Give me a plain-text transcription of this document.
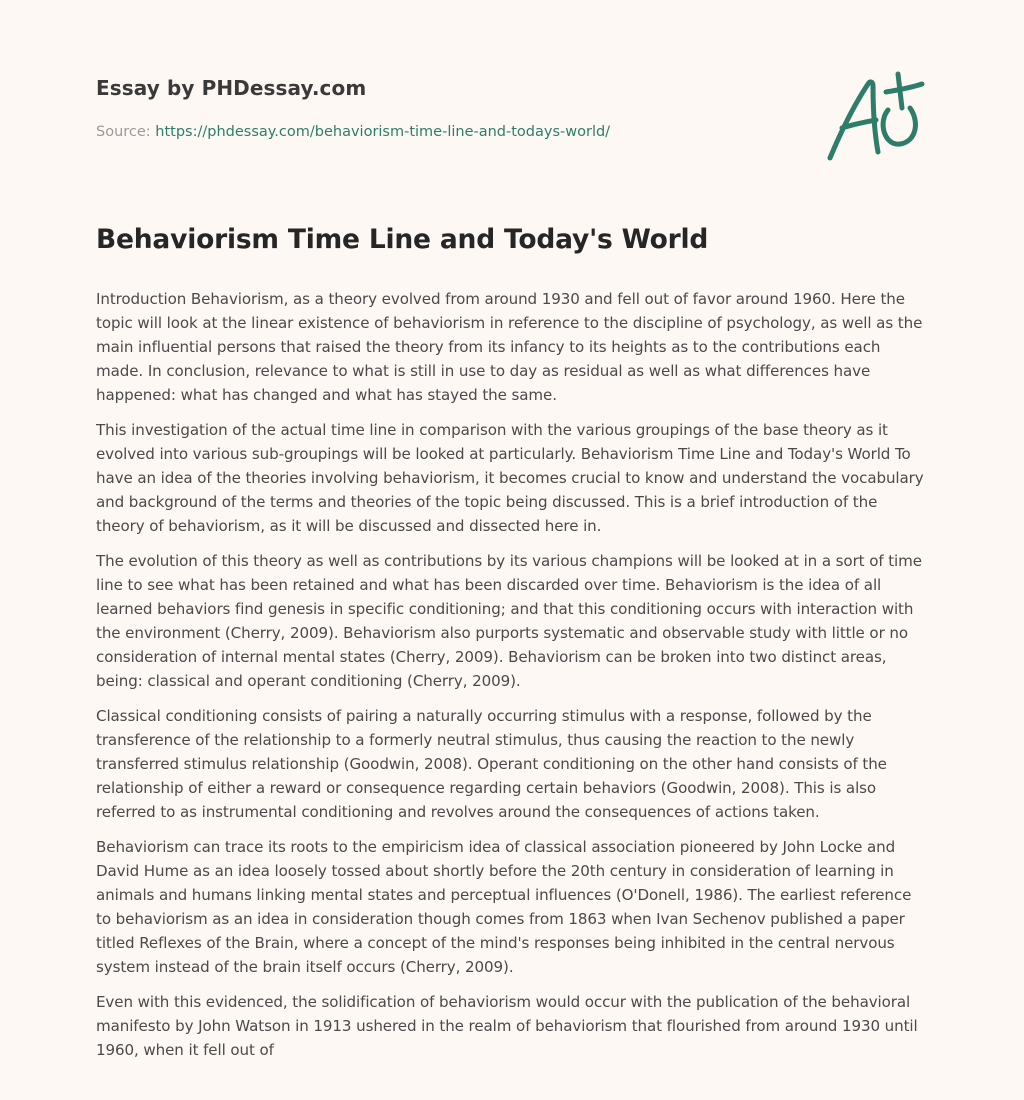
Essay by PHDessay.com
Source: https://phdessay.com/behaviorism-time-line-and-todays-world/
Behaviorism Time Line and Today's World

Introduction Behaviorism, as a theory evolved from around 1930 and fell out of favor around 1960. Here the topic will look at the linear existence of behaviorism in reference to the discipline of psychology, as well as the main influential persons that raised the theory from its infancy to its heights as to the contributions each made. In conclusion, relevance to what is still in use to day as residual as well as what differences have happened: what has changed and what has stayed the same.

This investigation of the actual time line in comparison with the various groupings of the base theory as it evolved into various sub-groupings will be looked at particularly. Behaviorism Time Line and Today's World To have an idea of the theories involving behaviorism, it becomes crucial to know and understand the vocabulary and background of the terms and theories of the topic being discussed. This is a brief introduction of the theory of behaviorism, as it will be discussed and dissected here in.

The evolution of this theory as well as contributions by its various champions will be looked at in a sort of time line to see what has been retained and what has been discarded over time. Behaviorism is the idea of all learned behaviors find genesis in specific conditioning; and that this conditioning occurs with interaction with the environment (Cherry, 2009). Behaviorism also purports systematic and observable study with little or no consideration of internal mental states (Cherry, 2009). Behaviorism can be broken into two distinct areas, being: classical and operant conditioning (Cherry, 2009).

Classical conditioning consists of pairing a naturally occurring stimulus with a response, followed by the transference of the relationship to a formerly neutral stimulus, thus causing the reaction to the newly transferred stimulus relationship (Goodwin, 2008). Operant conditioning on the other hand consists of the relationship of either a reward or consequence regarding certain behaviors (Goodwin, 2008). This is also referred to as instrumental conditioning and revolves around the consequences of actions taken.

Behaviorism can trace its roots to the empiricism idea of classical association pioneered by John Locke and David Hume as an idea loosely tossed about shortly before the 20th century in consideration of learning in animals and humans linking mental states and perceptual influences (O'Donell, 1986). The earliest reference to behaviorism as an idea in consideration though comes from 1863 when Ivan Sechenov published a paper titled Reflexes of the Brain, where a concept of the mind's responses being inhibited in the central nervous system instead of the brain itself occurs (Cherry, 2009).

Even with this evidenced, the solidification of behaviorism would occur with the publication of the behavioral manifesto by John Watson in 1913 ushered in the realm of behaviorism that flourished from around 1930 until 1960, when it fell out of
